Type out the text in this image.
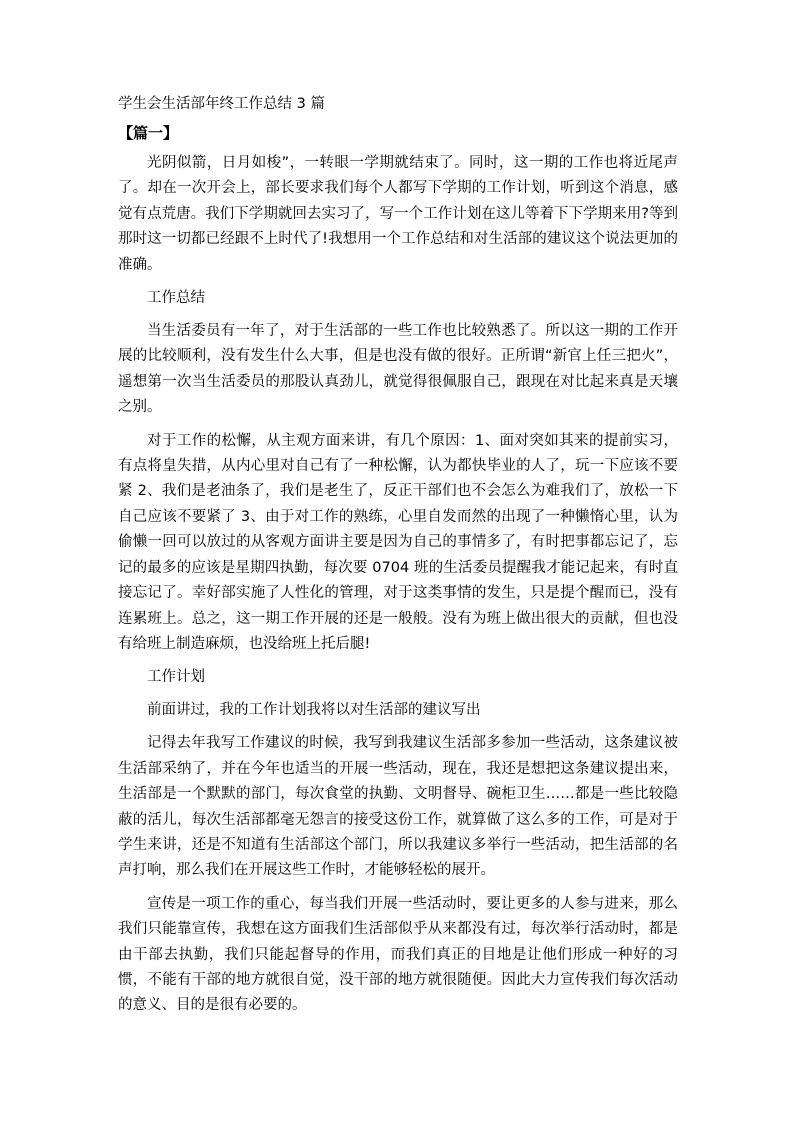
学生会生活部年终工作总结 3 篇
【篇一】

光阴似箭，日月如梭”，一转眼一学期就结束了。同时，这一期的工作也将近尾声了。却在一次开会上，部长要求我们每个人都写下学期的工作计划，听到这个消息，感觉有点荒唐。我们下学期就回去实习了，写一个工作计划在这儿等着下下学期来用?等到那时这一切都已经跟不上时代了!我想用一个工作总结和对生活部的建议这个说法更加的准确。

工作总结

当生活委员有一年了，对于生活部的一些工作也比较熟悉了。所以这一期的工作开展的比较顺利，没有发生什么大事，但是也没有做的很好。正所谓“新官上任三把火”，遥想第一次当生活委员的那股认真劲儿，就觉得很佩服自己，跟现在对比起来真是天壤之别。

对于工作的松懈，从主观方面来讲，有几个原因：1、面对突如其来的提前实习，有点将皇失措，从内心里对自己有了一种松懈，认为都快毕业的人了，玩一下应该不要紧 2、我们是老油条了，我们是老生了，反正干部们也不会怎么为难我们了，放松一下自己应该不要紧了 3、由于对工作的熟练，心里自发而然的出现了一种懒惰心里，认为偷懒一回可以放过的从客观方面讲主要是因为自己的事情多了，有时把事都忘记了，忘记的最多的应该是星期四执勤，每次要 0704 班的生活委员提醒我才能记起来，有时直接忘记了。幸好部实施了人性化的管理，对于这类事情的发生，只是提个醒而已，没有连累班上。总之，这一期工作开展的还是一般般。没有为班上做出很大的贡献，但也没有给班上制造麻烦，也没给班上托后腿!

工作计划

前面讲过，我的工作计划我将以对生活部的建议写出

记得去年我写工作建议的时候，我写到我建议生活部多参加一些活动，这条建议被生活部采纳了，并在今年也适当的开展一些活动，现在，我还是想把这条建议提出来，生活部是一个默默的部门，每次食堂的执勤、文明督导、碗柜卫生……都是一些比较隐蔽的活儿，每次生活部都毫无怨言的接受这份工作，就算做了这么多的工作，可是对于学生来讲，还是不知道有生活部这个部门，所以我建议多举行一些活动，把生活部的名声打响，那么我们在开展这些工作时，才能够轻松的展开。

宣传是一项工作的重心，每当我们开展一些活动时，要让更多的人参与进来，那么我们只能靠宣传，我想在这方面我们生活部似乎从来都没有过，每次举行活动时，都是由干部去执勤，我们只能起督导的作用，而我们真正的目地是让他们形成一种好的习惯，不能有干部的地方就很自觉，没干部的地方就很随便。因此大力宣传我们每次活动的意义、目的是很有必要的。
